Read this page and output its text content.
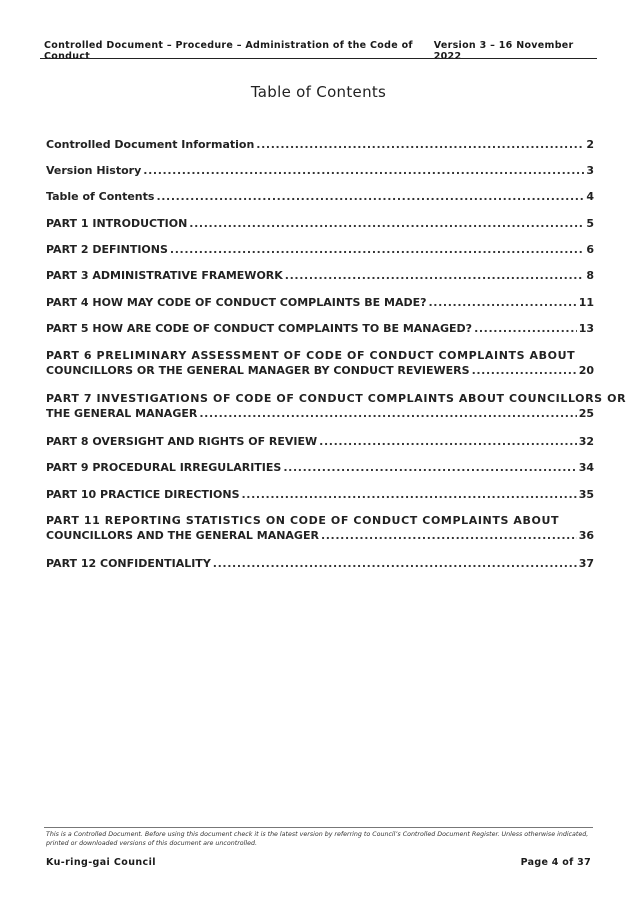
Controlled Document – Procedure – Administration of the Code of Conduct
Version 3 – 16 November 2022
Table of Contents
Controlled Document Information . . .	2
Version History . . .	3
Table of Contents . . .	4
PART 1 INTRODUCTION . . .	5
PART 2 DEFINTIONS . . .	6
PART 3 ADMINISTRATIVE FRAMEWORK . . .	8
PART 4 HOW MAY CODE OF CONDUCT COMPLAINTS BE MADE? . . .	11
PART 5 HOW ARE CODE OF CONDUCT COMPLAINTS TO BE MANAGED? . . .	13
PART 6 PRELIMINARY ASSESSMENT OF CODE OF CONDUCT COMPLAINTS ABOUT
COUNCILLORS OR THE GENERAL MANAGER BY CONDUCT REVIEWERS . . .	20
PART 7 INVESTIGATIONS OF CODE OF CONDUCT COMPLAINTS ABOUT COUNCILLORS OR
THE GENERAL MANAGER . . .	25
PART 8 OVERSIGHT AND RIGHTS OF REVIEW . . .	32
PART 9 PROCEDURAL IRREGULARITIES . . .	34
PART 10 PRACTICE DIRECTIONS . . .	35
PART 11 REPORTING STATISTICS ON CODE OF CONDUCT COMPLAINTS ABOUT
COUNCILLORS AND THE GENERAL MANAGER . . .	36
PART 12 CONFIDENTIALITY . . .	37
This is a Controlled Document. Before using this document check it is the latest version by referring to Council’s Controlled Document Register. Unless otherwise indicated, printed or downloaded versions of this document are uncontrolled.
Ku-ring-gai Council	Page 4 of 37
